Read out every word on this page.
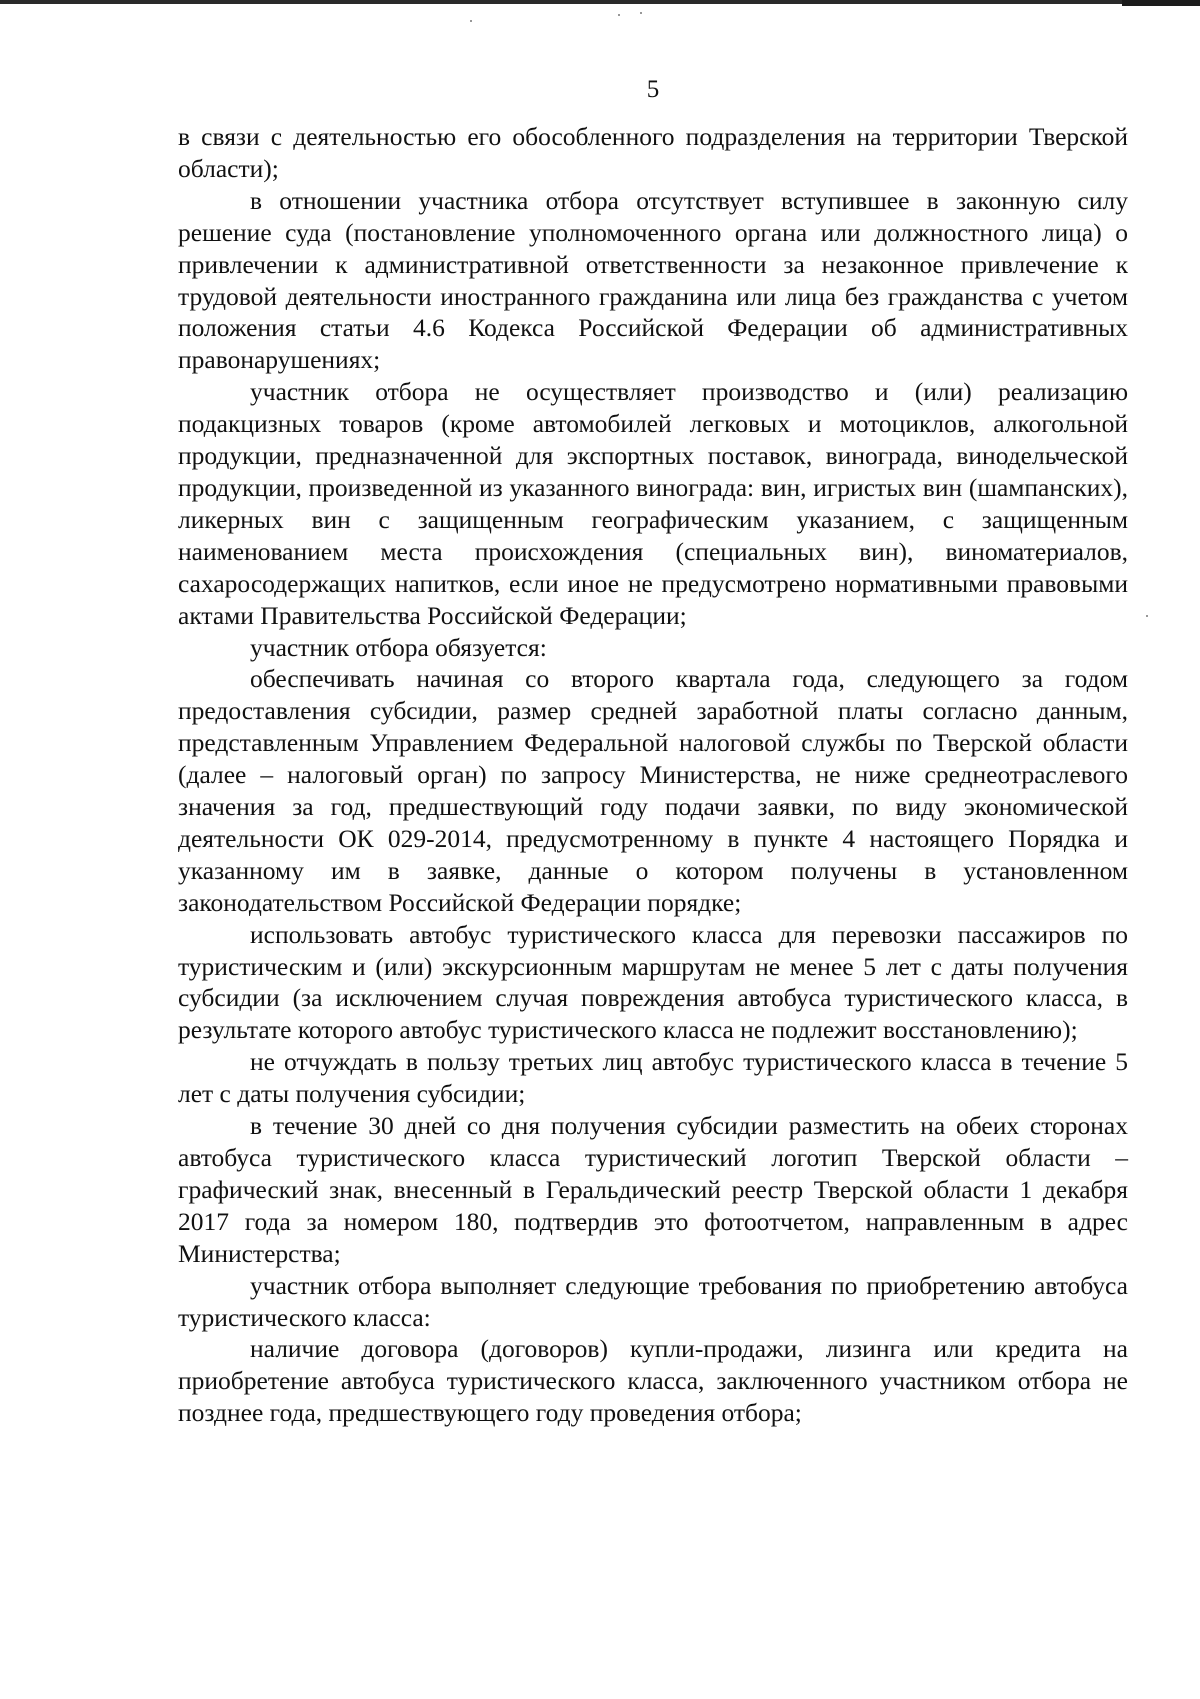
5

в связи с деятельностью его обособленного подразделения на территории Тверской области);

в отношении участника отбора отсутствует вступившее в законную силу решение суда (постановление уполномоченного органа или должностного лица) о привлечении к административной ответственности за незаконное привлечение к трудовой деятельности иностранного гражданина или лица без гражданства с учетом положения статьи 4.6 Кодекса Российской Федерации об административных правонарушениях;

участник отбора не осуществляет производство и (или) реализацию подакцизных товаров (кроме автомобилей легковых и мотоциклов, алкогольной продукции, предназначенной для экспортных поставок, винограда, винодельческой продукции, произведенной из указанного винограда: вин, игристых вин (шампанских), ликерных вин с защищенным географическим указанием, с защищенным наименованием места происхождения (специальных вин), виноматериалов, сахаросодержащих напитков, если иное не предусмотрено нормативными правовыми актами Правительства Российской Федерации;

участник отбора обязуется:

обеспечивать начиная со второго квартала года, следующего за годом предоставления субсидии, размер средней заработной платы согласно данным, представленным Управлением Федеральной налоговой службы по Тверской области (далее – налоговый орган) по запросу Министерства, не ниже среднеотраслевого значения за год, предшествующий году подачи заявки, по виду экономической деятельности ОК 029-2014, предусмотренному в пункте 4 настоящего Порядка и указанному им в заявке, данные о котором получены в установленном законодательством Российской Федерации порядке;

использовать автобус туристического класса для перевозки пассажиров по туристическим и (или) экскурсионным маршрутам не менее 5 лет с даты получения субсидии (за исключением случая повреждения автобуса туристического класса, в результате которого автобус туристического класса не подлежит восстановлению);

не отчуждать в пользу третьих лиц автобус туристического класса в течение 5 лет с даты получения субсидии;

в течение 30 дней со дня получения субсидии разместить на обеих сторонах автобуса туристического класса туристический логотип Тверской области – графический знак, внесенный в Геральдический реестр Тверской области 1 декабря 2017 года за номером 180, подтвердив это фотоотчетом, направленным в адрес Министерства;

участник отбора выполняет следующие требования по приобретению автобуса туристического класса:

наличие договора (договоров) купли-продажи, лизинга или кредита на приобретение автобуса туристического класса, заключенного участником отбора не позднее года, предшествующего году проведения отбора;
